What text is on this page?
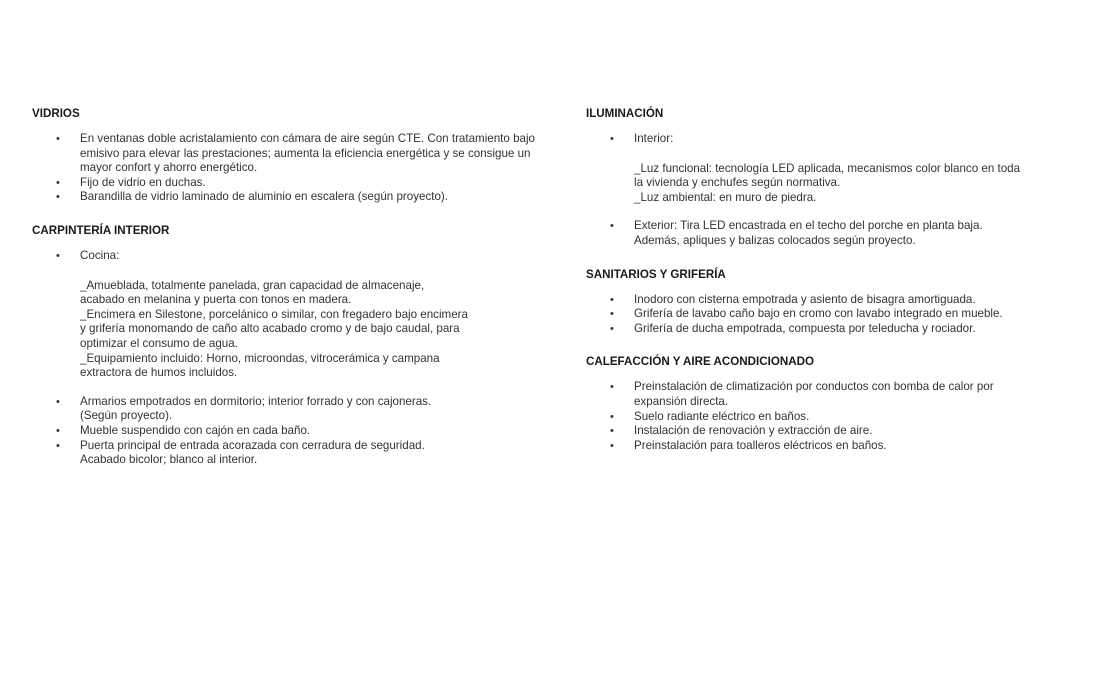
VIDRIOS
• En ventanas doble acristalamiento con cámara de aire según CTE. Con tratamiento bajo emisivo para elevar las prestaciones; aumenta la eficiencia energética y se consigue un mayor confort y ahorro energético.
• Fijo de vidrio en duchas.
• Barandilla de vidrio laminado de aluminio en escalera (según proyecto).
CARPINTERÍA INTERIOR
• Cocina:
_Amueblada, totalmente panelada, gran capacidad de almacenaje,
acabado en melanina y puerta con tonos en madera.
_Encimera en Silestone, porcelánico o similar, con fregadero bajo encimera
y grifería monomando de caño alto acabado cromo y de bajo caudal, para
optimizar el consumo de agua.
_Equipamiento incluido: Horno, microondas, vitrocerámica y campana
extractora de humos incluidos.
• Armarios empotrados en dormitorio; interior forrado y con cajoneras.
(Según proyecto).
• Mueble suspendido con cajón en cada baño.
• Puerta principal de entrada acorazada con cerradura de seguridad.
Acabado bicolor; blanco al interior.
ILUMINACIÓN
• Interior:
_Luz funcional: tecnología LED aplicada, mecanismos color blanco en toda
la vivienda y enchufes según normativa.
_Luz ambiental: en muro de piedra.
• Exterior: Tira LED encastrada en el techo del porche en planta baja.
Además, apliques y balizas colocados según proyecto.
SANITARIOS Y GRIFERÍA
• Inodoro con cisterna empotrada y asiento de bisagra amortiguada.
• Grifería de lavabo caño bajo en cromo con lavabo integrado en mueble.
• Grifería de ducha empotrada, compuesta por teleducha y rociador.
CALEFACCIÓN Y AIRE ACONDICIONADO
• Preinstalación de climatización por conductos con bomba de calor por
expansión directa.
• Suelo radiante eléctrico en baños.
• Instalación de renovación y extracción de aire.
• Preinstalación para toalleros eléctricos en baños.
